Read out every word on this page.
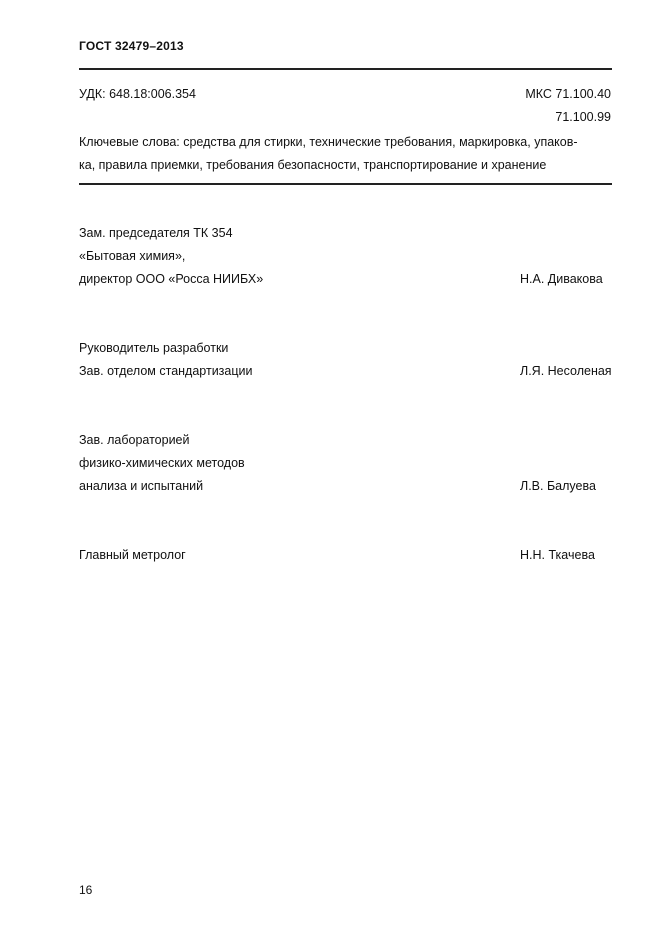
ГОСТ 32479–2013
УДК: 648.18:006.354	МКС 71.100.40
71.100.99
Ключевые слова: средства для стирки, технические требования, маркировка, упаков-
ка, правила приемки, требования безопасности, транспортирование и хранение
Зам. председателя ТК 354
«Бытовая химия»,
директор ООО «Росса НИИБХ»	Н.А. Дивакова
Руководитель разработки
Зав. отделом стандартизации	Л.Я. Несоленая
Зав. лабораторией
физико-химических методов
анализа и испытаний	Л.В. Балуева
Главный метролог	Н.Н. Ткачева
16
